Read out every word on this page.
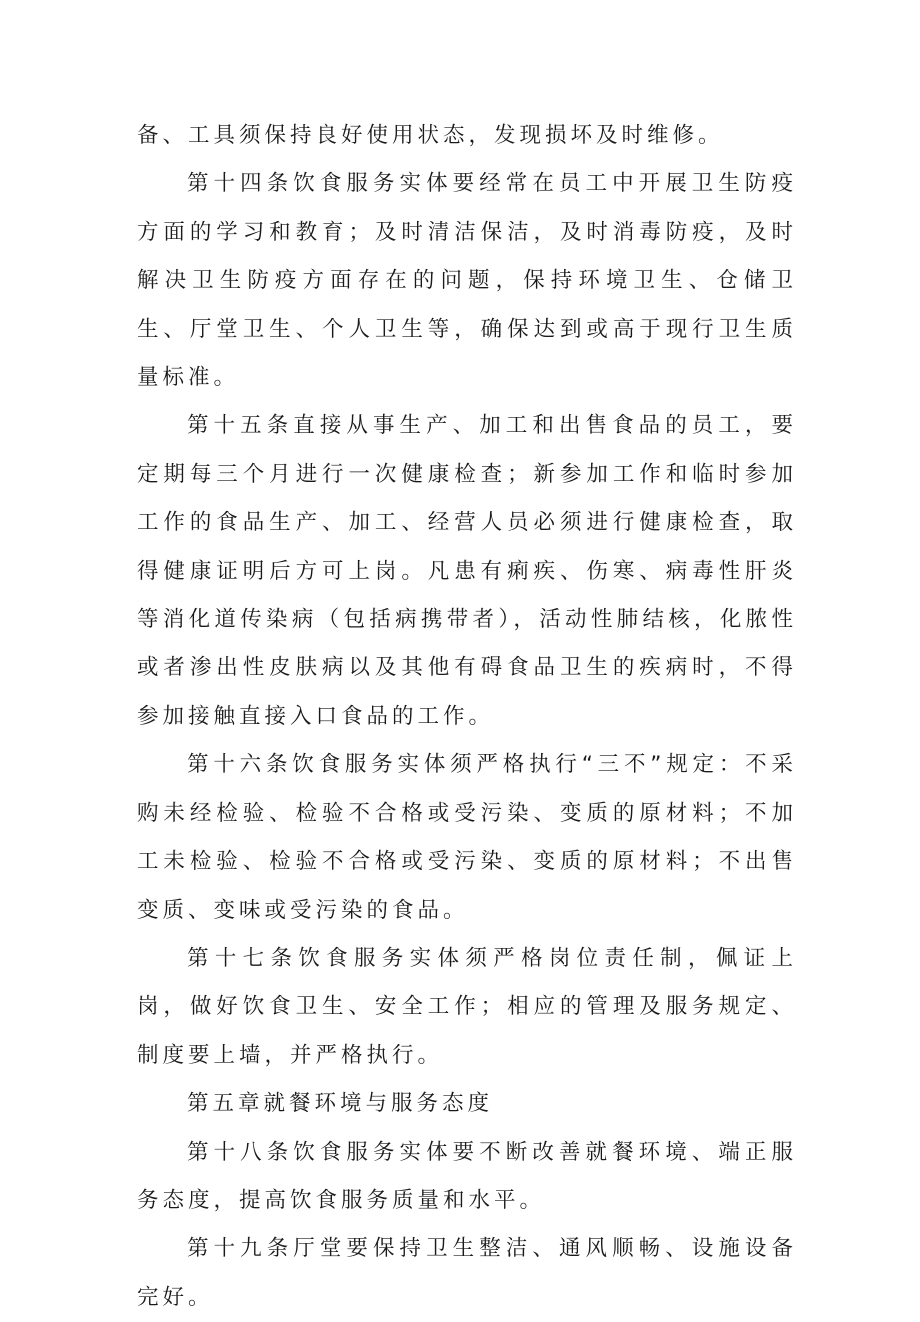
备、工具须保持良好使用状态，发现损坏及时维修。

第十四条饮食服务实体要经常在员工中开展卫生防疫方面的学习和教育；及时清洁保洁，及时消毒防疫，及时解决卫生防疫方面存在的问题，保持环境卫生、仓储卫生、厅堂卫生、个人卫生等，确保达到或高于现行卫生质量标准。

第十五条直接从事生产、加工和出售食品的员工，要定期每三个月进行一次健康检查；新参加工作和临时参加工作的食品生产、加工、经营人员必须进行健康检查，取得健康证明后方可上岗。凡患有痢疾、伤寒、病毒性肝炎等消化道传染病（包括病携带者），活动性肺结核，化脓性或者渗出性皮肤病以及其他有碍食品卫生的疾病时，不得参加接触直接入口食品的工作。

第十六条饮食服务实体须严格执行“三不”规定：不采购未经检验、检验不合格或受污染、变质的原材料；不加工未检验、检验不合格或受污染、变质的原材料；不出售变质、变味或受污染的食品。

第十七条饮食服务实体须严格岗位责任制，佩证上岗，做好饮食卫生、安全工作；相应的管理及服务规定、制度要上墙，并严格执行。

第五章就餐环境与服务态度

第十八条饮食服务实体要不断改善就餐环境、端正服务态度，提高饮食服务质量和水平。

第十九条厅堂要保持卫生整洁、通风顺畅、设施设备完好。
